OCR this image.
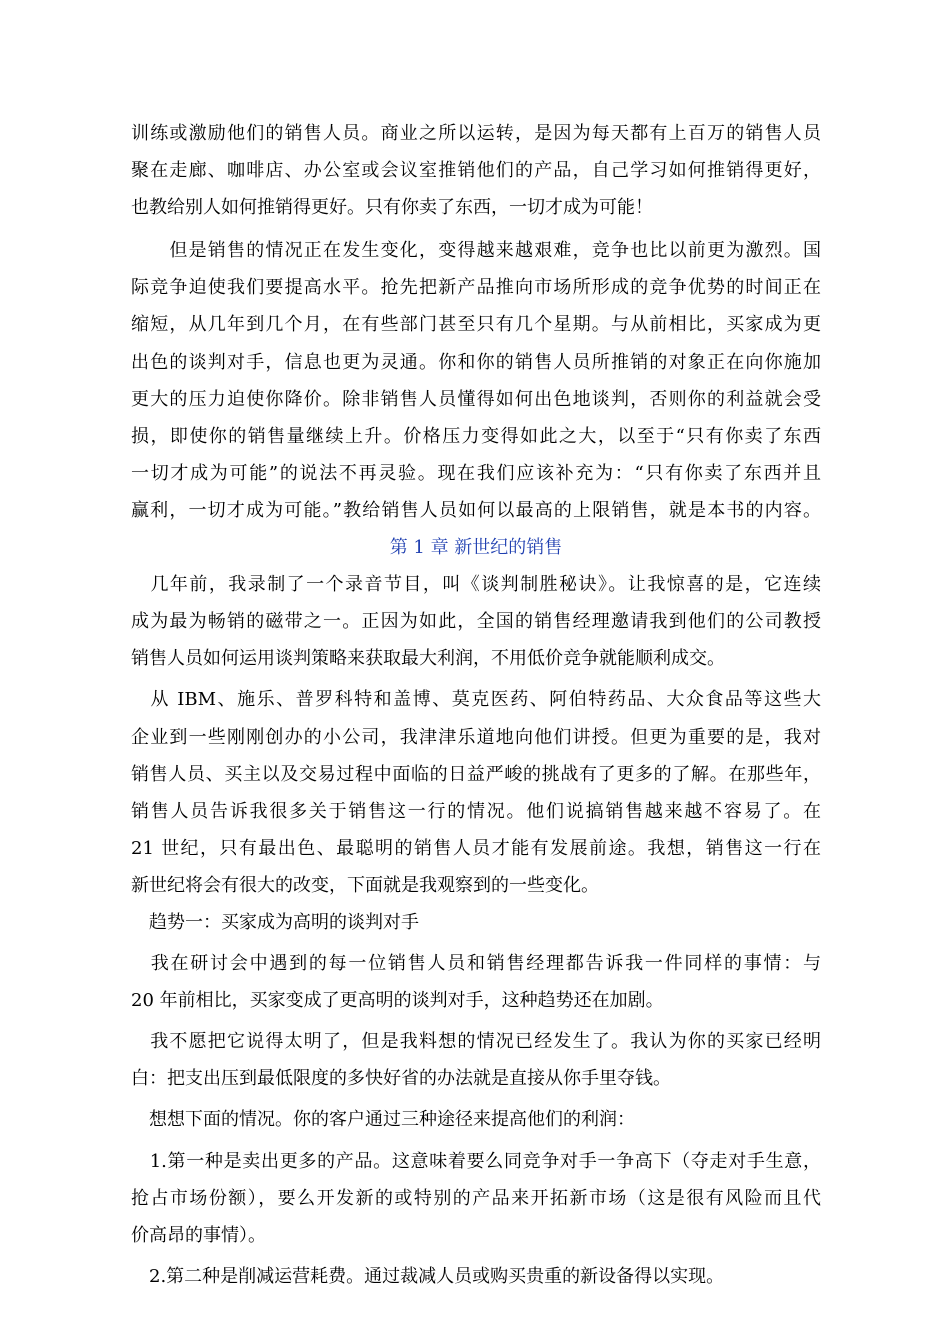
训练或激励他们的销售人员。商业之所以运转，是因为每天都有上百万的销售人员
聚在走廊、咖啡店、办公室或会议室推销他们的产品，自己学习如何推销得更好，
也教给别人如何推销得更好。只有你卖了东西，一切才成为可能！
　　但是销售的情况正在发生变化，变得越来越艰难，竞争也比以前更为激烈。国
际竞争迫使我们要提高水平。抢先把新产品推向市场所形成的竞争优势的时间正在
缩短，从几年到几个月，在有些部门甚至只有几个星期。与从前相比，买家成为更
出色的谈判对手，信息也更为灵通。你和你的销售人员所推销的对象正在向你施加
更大的压力迫使你降价。除非销售人员懂得如何出色地谈判，否则你的利益就会受
损，即使你的销售量继续上升。价格压力变得如此之大，以至于“只有你卖了东西
一切才成为可能”的说法不再灵验。现在我们应该补充为：“只有你卖了东西并且
赢利，一切才成为可能。”教给销售人员如何以最高的上限销售，就是本书的内容。
第 1 章 新世纪的销售
　几年前，我录制了一个录音节目，叫《谈判制胜秘诀》。让我惊喜的是，它连续
成为最为畅销的磁带之一。正因为如此，全国的销售经理邀请我到他们的公司教授
销售人员如何运用谈判策略来获取最大利润，不用低价竞争就能顺利成交。
　从 IBM、施乐、普罗科特和盖博、莫克医药、阿伯特药品、大众食品等这些大
企业到一些刚刚创办的小公司，我津津乐道地向他们讲授。但更为重要的是，我对
销售人员、买主以及交易过程中面临的日益严峻的挑战有了更多的了解。在那些年，
销售人员告诉我很多关于销售这一行的情况。他们说搞销售越来越不容易了。在
21 世纪，只有最出色、最聪明的销售人员才能有发展前途。我想，销售这一行在
新世纪将会有很大的改变，下面就是我观察到的一些变化。
　趋势一：买家成为高明的谈判对手
　我在研讨会中遇到的每一位销售人员和销售经理都告诉我一件同样的事情：与
20 年前相比，买家变成了更高明的谈判对手，这种趋势还在加剧。
　我不愿把它说得太明了，但是我料想的情况已经发生了。我认为你的买家已经明
白：把支出压到最低限度的多快好省的办法就是直接从你手里夺钱。
　想想下面的情况。你的客户通过三种途径来提高他们的利润：
　1.第一种是卖出更多的产品。这意味着要么同竞争对手一争高下（夺走对手生意，
抢占市场份额），要么开发新的或特别的产品来开拓新市场（这是很有风险而且代
价高昂的事情）。
　2.第二种是削减运营耗费。通过裁减人员或购买贵重的新设备得以实现。
